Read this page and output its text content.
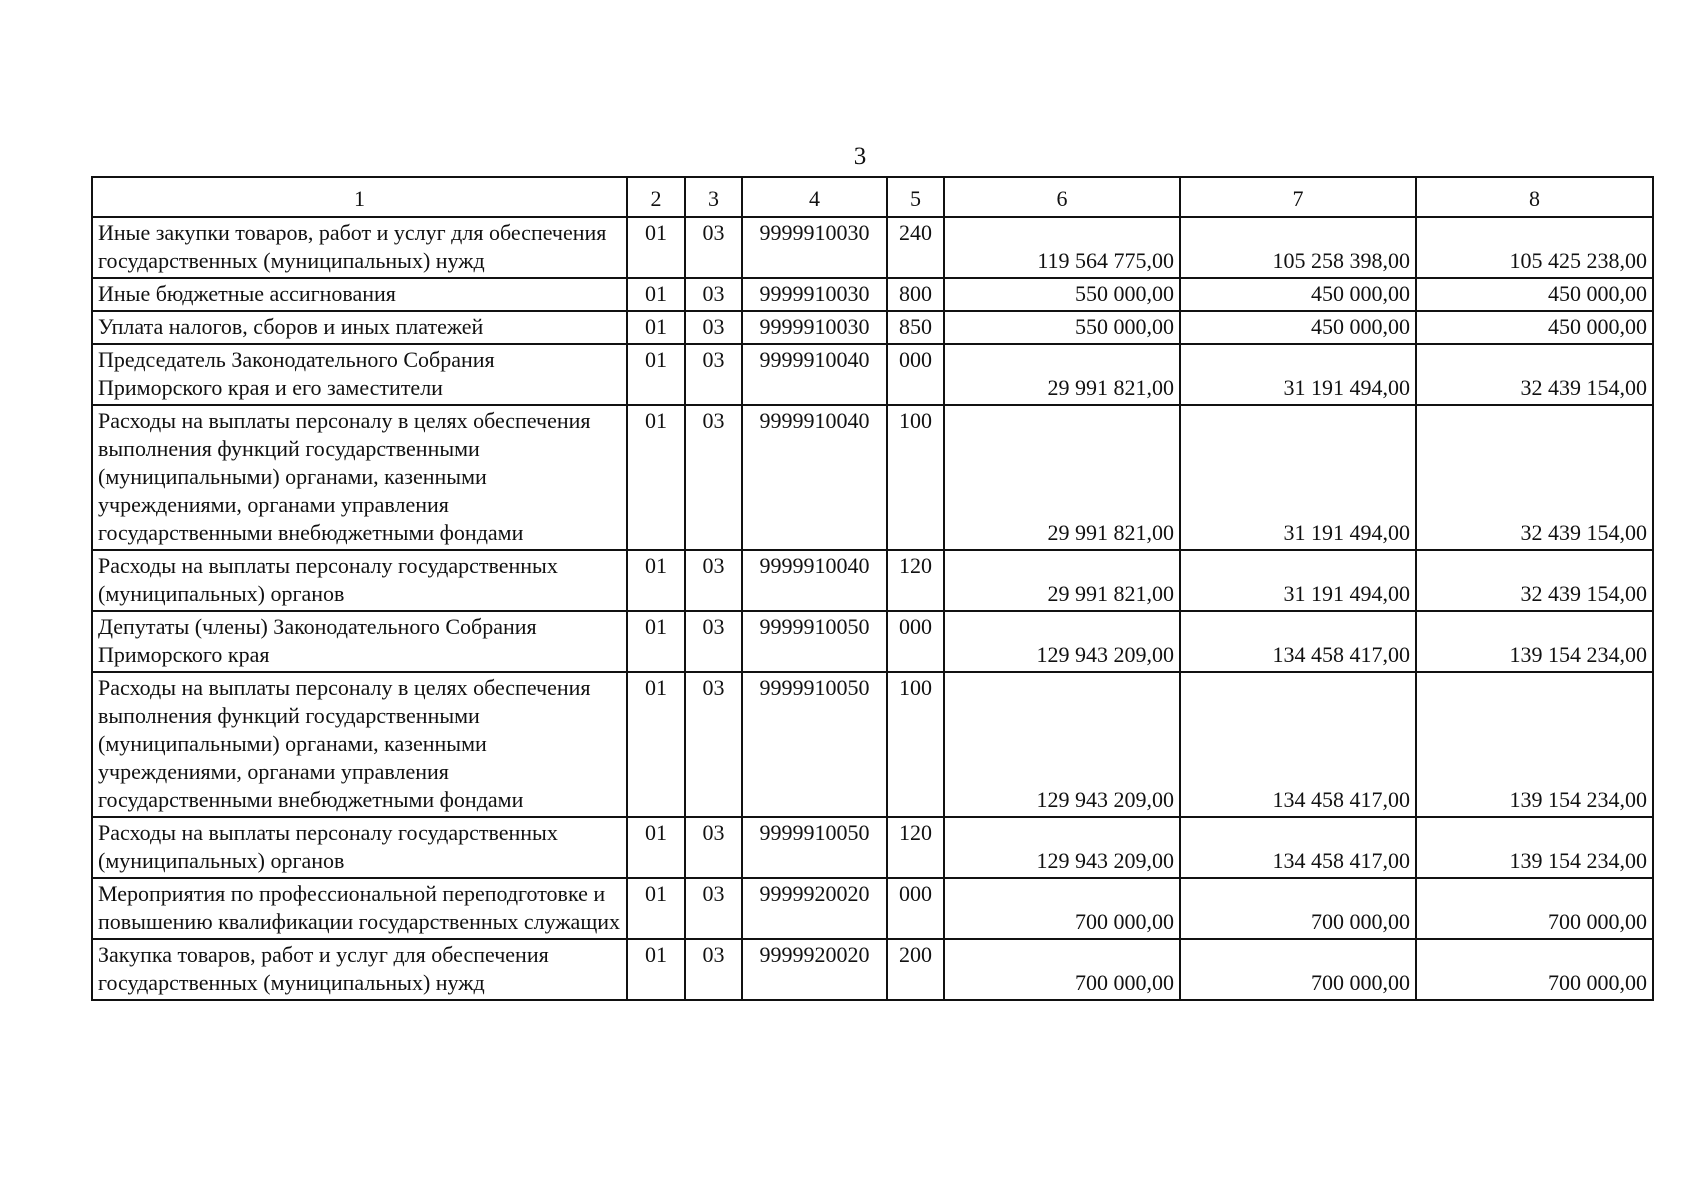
3
1	2	3	4	5	6	7	8
Иные закупки товаров, работ и услуг для обеспечения государственных (муниципальных) нужд	01	03	9999910030	240	119 564 775,00	105 258 398,00	105 425 238,00
Иные бюджетные ассигнования	01	03	9999910030	800	550 000,00	450 000,00	450 000,00
Уплата налогов, сборов и иных платежей	01	03	9999910030	850	550 000,00	450 000,00	450 000,00
Председатель Законодательного Собрания Приморского края и его заместители	01	03	9999910040	000	29 991 821,00	31 191 494,00	32 439 154,00
Расходы на выплаты персоналу в целях обеспечения выполнения функций государственными (муниципальными) органами, казенными учреждениями, органами управления государственными внебюджетными фондами	01	03	9999910040	100	29 991 821,00	31 191 494,00	32 439 154,00
Расходы на выплаты персоналу государственных (муниципальных) органов	01	03	9999910040	120	29 991 821,00	31 191 494,00	32 439 154,00
Депутаты (члены) Законодательного Собрания Приморского края	01	03	9999910050	000	129 943 209,00	134 458 417,00	139 154 234,00
Расходы на выплаты персоналу в целях обеспечения выполнения функций государственными (муниципальными) органами, казенными учреждениями, органами управления государственными внебюджетными фондами	01	03	9999910050	100	129 943 209,00	134 458 417,00	139 154 234,00
Расходы на выплаты персоналу государственных (муниципальных) органов	01	03	9999910050	120	129 943 209,00	134 458 417,00	139 154 234,00
Мероприятия по профессиональной переподготовке и повышению квалификации государственных служащих	01	03	9999920020	000	700 000,00	700 000,00	700 000,00
Закупка товаров, работ и услуг для обеспечения государственных (муниципальных) нужд	01	03	9999920020	200	700 000,00	700 000,00	700 000,00
